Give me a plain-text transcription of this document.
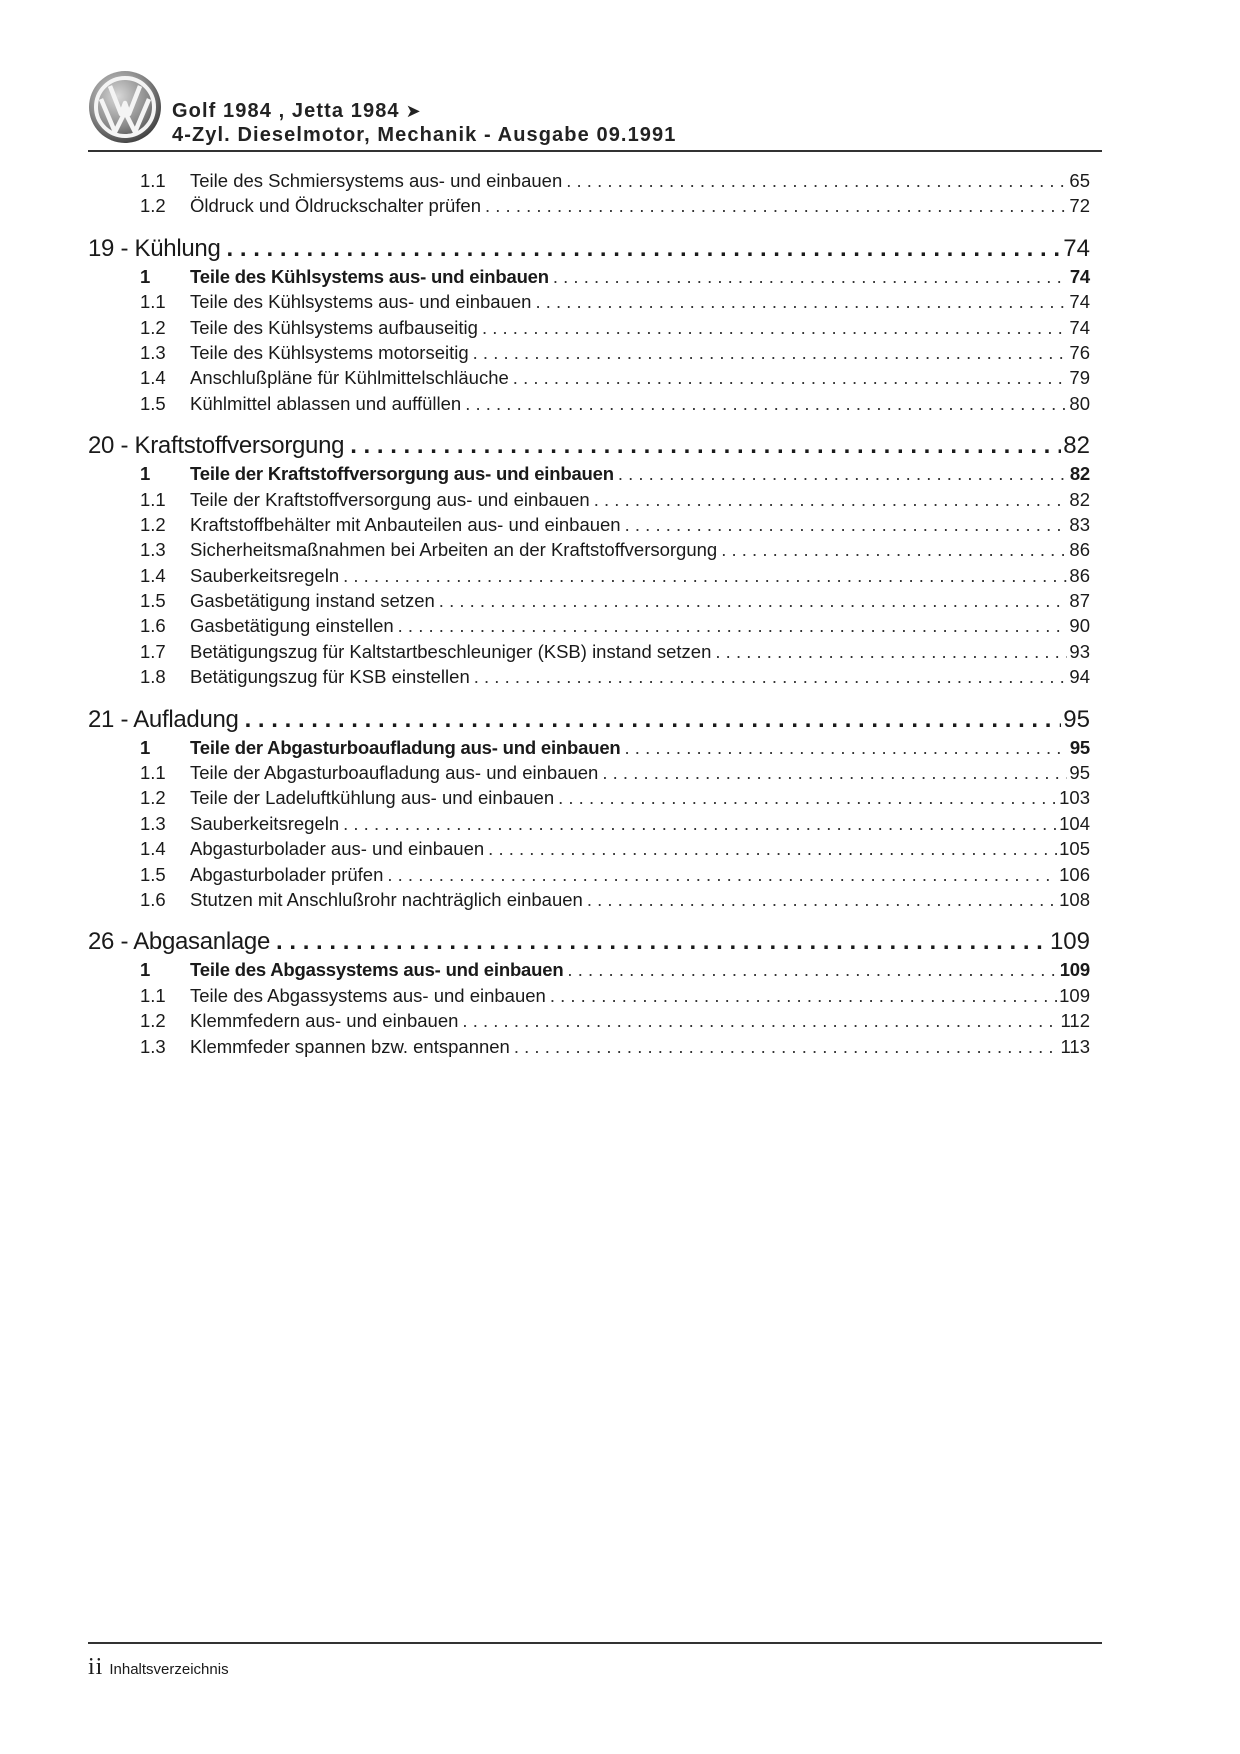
Golf 1984 , Jetta 1984 ➤
4-Zyl. Dieselmotor, Mechanik - Ausgabe 09.1991
1.1	Teile des Schmiersystems aus- und einbauen . . .	65
1.2	Öldruck und Öldruckschalter prüfen . . .	72
19 - Kühlung . . .	74
1	Teile des Kühlsystems aus- und einbauen . . .	74
1.1	Teile des Kühlsystems aus- und einbauen . . .	74
1.2	Teile des Kühlsystems aufbauseitig . . .	74
1.3	Teile des Kühlsystems motorseitig . . .	76
1.4	Anschlußpläne für Kühlmittelschläuche . . .	79
1.5	Kühlmittel ablassen und auffüllen . . .	80
20 - Kraftstoffversorgung . . .	82
1	Teile der Kraftstoffversorgung aus- und einbauen . . .	82
1.1	Teile der Kraftstoffversorgung aus- und einbauen . . .	82
1.2	Kraftstoffbehälter mit Anbauteilen aus- und einbauen . . .	83
1.3	Sicherheitsmaßnahmen bei Arbeiten an der Kraftstoffversorgung . . .	86
1.4	Sauberkeitsregeln . . .	86
1.5	Gasbetätigung instand setzen . . .	87
1.6	Gasbetätigung einstellen . . .	90
1.7	Betätigungszug für Kaltstartbeschleuniger (KSB) instand setzen . . .	93
1.8	Betätigungszug für KSB einstellen . . .	94
21 - Aufladung . . .	95
1	Teile der Abgasturboaufladung aus- und einbauen . . .	95
1.1	Teile der Abgasturboaufladung aus- und einbauen . . .	95
1.2	Teile der Ladeluftkühlung aus- und einbauen . . .	103
1.3	Sauberkeitsregeln . . .	104
1.4	Abgasturbolader aus- und einbauen . . .	105
1.5	Abgasturbolader prüfen . . .	106
1.6	Stutzen mit Anschlußrohr nachträglich einbauen . . .	108
26 - Abgasanlage . . .	109
1	Teile des Abgassystems aus- und einbauen . . .	109
1.1	Teile des Abgassystems aus- und einbauen . . .	109
1.2	Klemmfedern aus- und einbauen . . .	112
1.3	Klemmfeder spannen bzw. entspannen . . .	113
ii Inhaltsverzeichnis
